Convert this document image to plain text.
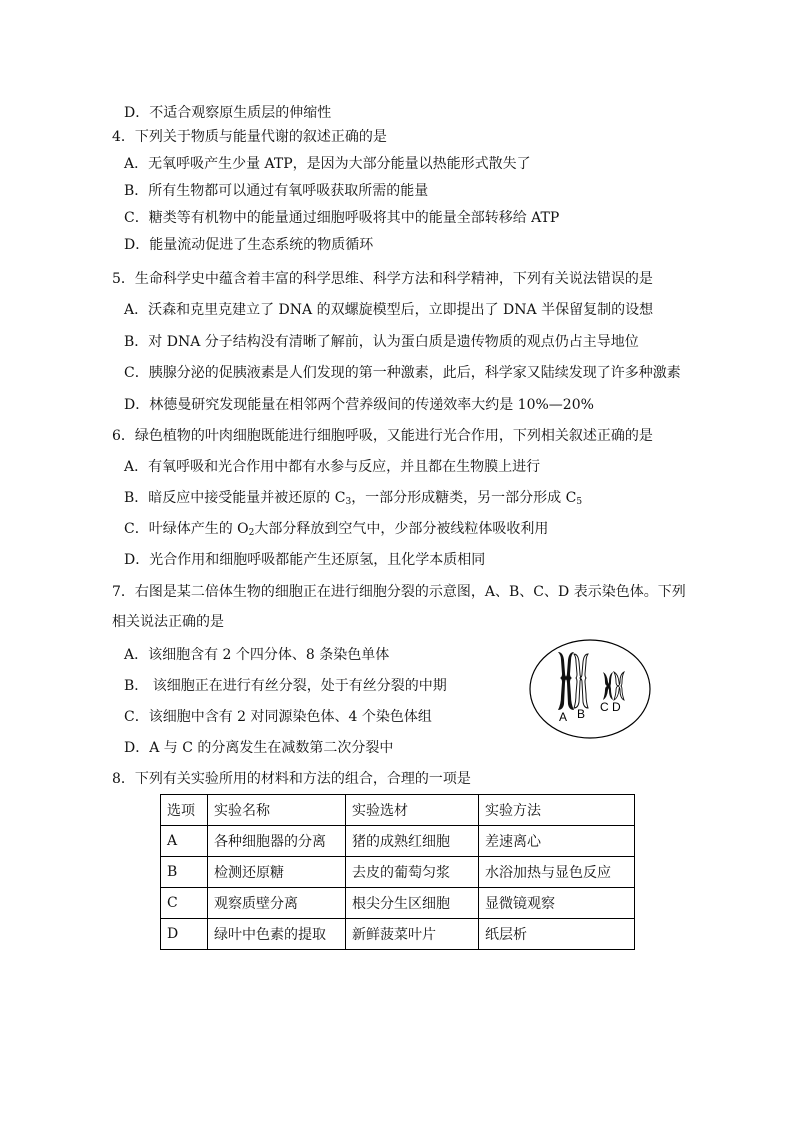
D．不适合观察原生质层的伸缩性
4．下列关于物质与能量代谢的叙述正确的是
A．无氧呼吸产生少量 ATP，是因为大部分能量以热能形式散失了
B．所有生物都可以通过有氧呼吸获取所需的能量
C．糖类等有机物中的能量通过细胞呼吸将其中的能量全部转移给 ATP
D．能量流动促进了生态系统的物质循环
5．生命科学史中蕴含着丰富的科学思维、科学方法和科学精神，下列有关说法错误的是
A．沃森和克里克建立了 DNA 的双螺旋模型后，立即提出了 DNA 半保留复制的设想
B．对 DNA 分子结构没有清晰了解前，认为蛋白质是遗传物质的观点仍占主导地位
C．胰腺分泌的促胰液素是人们发现的第一种激素，此后，科学家又陆续发现了许多种激素
D．林德曼研究发现能量在相邻两个营养级间的传递效率大约是 10%—20%
6．绿色植物的叶肉细胞既能进行细胞呼吸，又能进行光合作用，下列相关叙述正确的是
A．有氧呼吸和光合作用中都有水参与反应，并且都在生物膜上进行
B．暗反应中接受能量并被还原的 $C_3$，一部分形成糖类，另一部分形成 $C_5$
C．叶绿体产生的 $O_2$大部分释放到空气中，少部分被线粒体吸收利用
D．光合作用和细胞呼吸都能产生还原氢，且化学本质相同
7．右图是某二倍体生物的细胞正在进行细胞分裂的示意图，A、B、C、D 表示染色体。下列
相关说法正确的是
A．该细胞含有 2 个四分体、8 条染色单体
B． 该细胞正在进行有丝分裂，处于有丝分裂的中期
C．该细胞中含有 2 对同源染色体、4 个染色体组
D．A 与 C 的分离发生在减数第二次分裂中
A B C D
8．下列有关实验所用的材料和方法的组合，合理的一项是
选项	实验名称	实验选材	实验方法
A	各种细胞器的分离	猪的成熟红细胞	差速离心
B	检测还原糖	去皮的葡萄匀浆	水浴加热与显色反应
C	观察质壁分离	根尖分生区细胞	显微镜观察
D	绿叶中色素的提取	新鲜菠菜叶片	纸层析
